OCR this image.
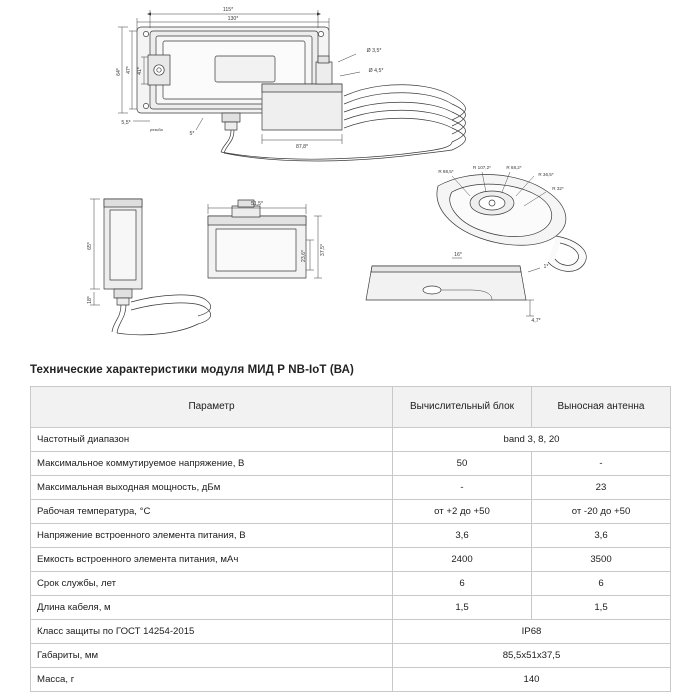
115*
130*
64* 47* 41*
5,5*
резьба
5*
Ø 3,5*
Ø 4,5*
87,8*
65*
18*
51,5*
37,5*
23,6*
R 88,5*
R 107,2*	R 68,2*
R 36,5*
R 32*
16*
1*
4,7*
Технические характеристики модуля МИД Р NB-IoT (ВА)
Параметр	Вычислительный блок	Выносная антенна
Частотный диапазон	band 3, 8, 20	
Максимальное коммутируемое напряжение, В	50	-
Максимальная выходная мощность, дБм	-	23
Рабочая температура, °С	от +2 до +50	от -20 до +50
Напряжение встроенного элемента питания, В	3,6	3,6
Емкость встроенного элемента питания, мАч	2400	3500
Срок службы, лет	6	6
Длина кабеля, м	1,5	1,5
Класс защиты по ГОСТ 14254-2015	IP68	
Габариты, мм	85,5х51х37,5	
Масса, г	140	
